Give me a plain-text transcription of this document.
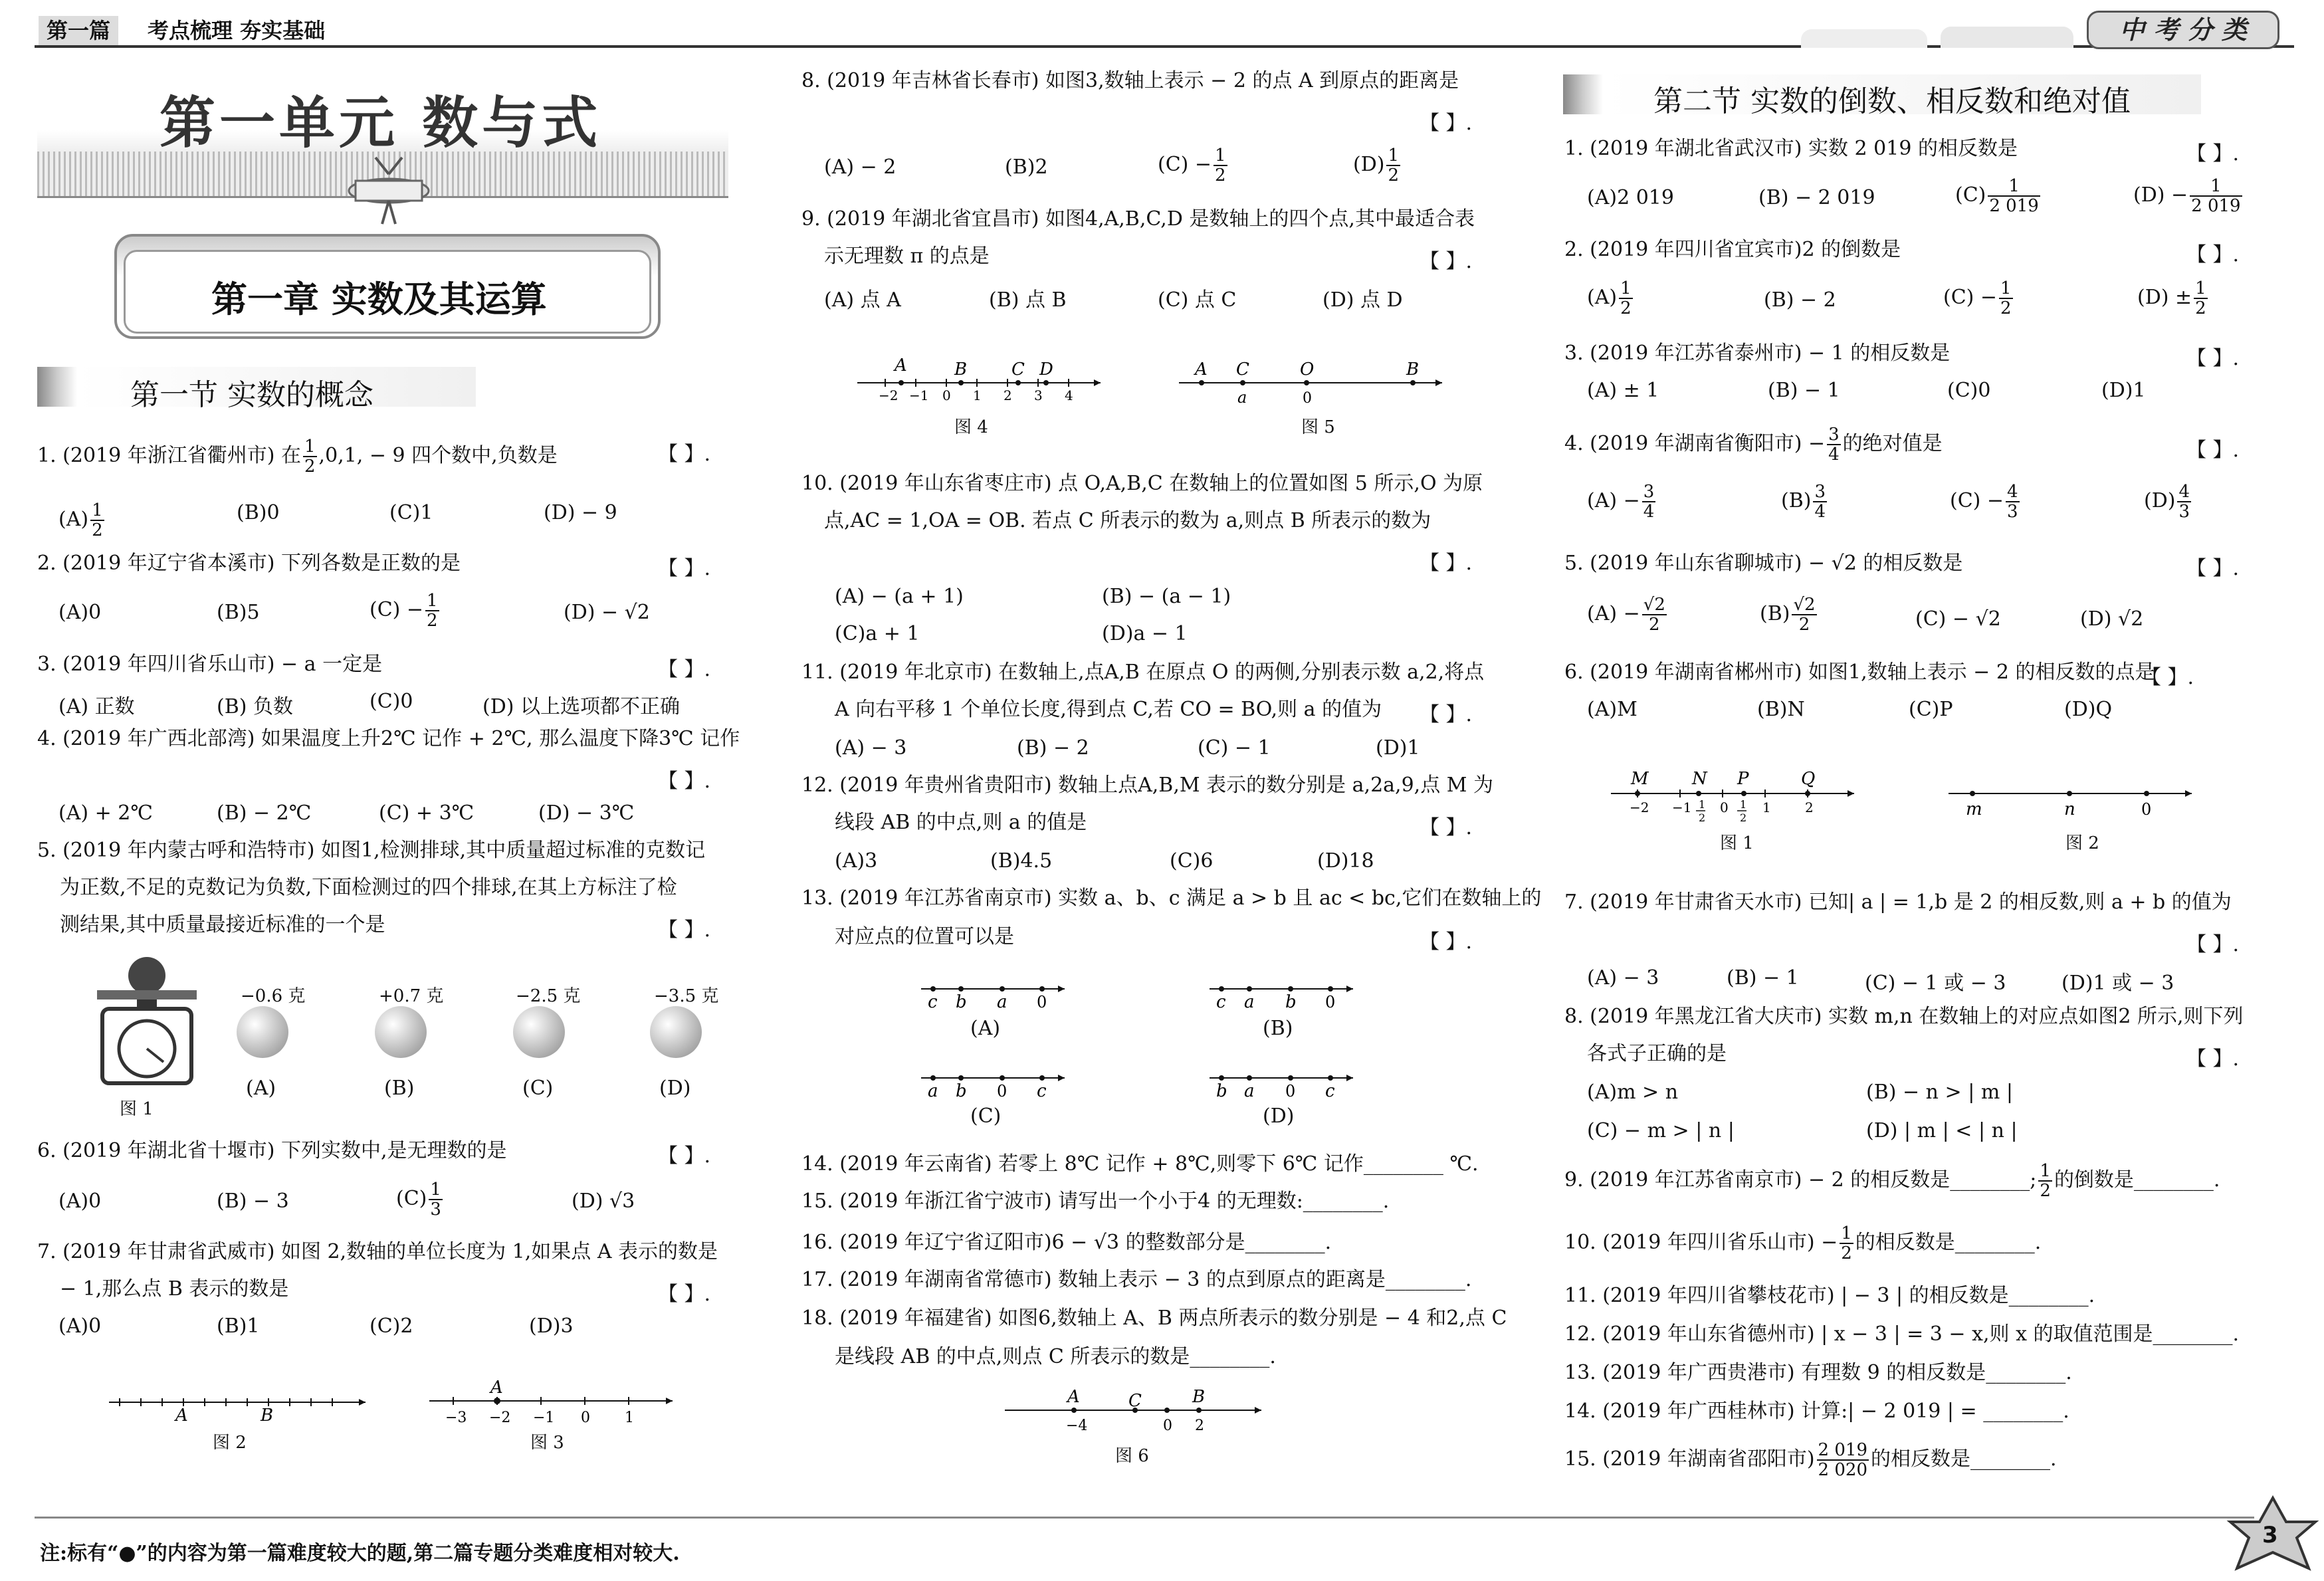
第一篇	考点梳理 夯实基础	中 考 分 类
第一单元 数与式
第一章 实数及其运算
第一节 实数的概念
1. (2019 年浙江省衢州市) 在 $\frac{1}{2} ,0,1$, − 9 四个数中,负数是	【 】.
$(A) \frac{1}{2}$	(B)0	(C)1	(D) − 9
2. (2019 年辽宁省本溪市) 下列各数是正数的是	【 】.
(A)0	(B)5	$(C) - \frac{1}{2}$	(D) − √2
3. (2019 年四川省乐山市) − a 一定是	【 】.
(A) 正数	(B) 负数	(C)0	(D) 以上选项都不正确
4. (2019 年广西北部湾) 如果温度上升2℃ 记作 + 2℃, 那么温度下降3℃ 记作
【 】.
(A) + 2℃	(B) − 2℃	(C) + 3℃	(D) − 3℃
5. (2019 年内蒙古呼和浩特市) 如图1,检测排球,其中质量超过标准的克数记
为正数,不足的克数记为负数,下面检测过的四个排球,在其上方标注了检
测结果,其中质量最接近标准的一个是	【 】.
图 1
−0.6 克
(A)
+0.7 克
(B)
−2.5 克
(C)
−3.5 克
(D)
6. (2019 年湖北省十堰市) 下列实数中,是无理数的是	【 】.
(A)0	(B) − 3	$(C) \frac{1}{3}$	(D) √3
7. (2019 年甘肃省武威市) 如图 2,数轴的单位长度为 1,如果点 A 表示的数是
− 1,那么点 B 表示的数是	【 】.
(A)0	(B)1	(C)2	(D)3
A	B
图 2
A
−3 −2 −1 0 1
图 3
8. (2019 年吉林省长春市) 如图3,数轴上表示 − 2 的点 A 到原点的距离是
【 】.
(A) − 2	(B)2	$(C) - \frac{1}{2}$	$(D) \frac{1}{2}$
9. (2019 年湖北省宜昌市) 如图4,A,B,C,D 是数轴上的四个点,其中最适合表
示无理数 π 的点是	【 】.
(A) 点 A	(B) 点 B	(C) 点 C	(D) 点 D
A	B	C D
−2 −1 0 1 2 3 4
图 4
A C	O	B
a	0
图 5
10. (2019 年山东省枣庄市) 点 O,A,B,C 在数轴上的位置如图 5 所示,O 为原
点,AC = 1,OA = OB. 若点 C 所表示的数为 a,则点 B 所表示的数为
【 】.
(A) − (a + 1)	(B) − (a − 1)
(C)a + 1	(D)a − 1
11. (2019 年北京市) 在数轴上,点A,B 在原点 O 的两侧,分别表示数 a,2,将点
A 向右平移 1 个单位长度,得到点 C,若 CO = BO,则 a 的值为 【 】.
(A) − 3	(B) − 2	(C) − 1	(D)1
12. (2019 年贵州省贵阳市) 数轴上点A,B,M 表示的数分别是 a,2a,9,点 M 为
线段 AB 的中点,则 a 的值是	【 】.
(A)3	(B)4.5	(C)6	(D)18
13. (2019 年江苏省南京市) 实数 a、b、c 满足 a > b 且 ac < bc,它们在数轴上的
对应点的位置可以是	【 】.
c b a 0
(A)
c a b 0
(B)
a b 0 c
(C)
b a 0 c
(D)
14. (2019 年云南省) 若零上 8℃ 记作 + 8℃,则零下 6℃ 记作________ ℃.
15. (2019 年浙江省宁波市) 请写出一个小于4 的无理数:________.
16. (2019 年辽宁省辽阳市)6 − √3 的整数部分是________.
17. (2019 年湖南省常德市) 数轴上表示 − 3 的点到原点的距离是________.
18. (2019 年福建省) 如图6,数轴上 A、B 两点所表示的数分别是 − 4 和2,点 C
是线段 AB 的中点,则点 C 所表示的数是________.
A	C	B
−4	0 2
图 6
第二节 实数的倒数、相反数和绝对值
1. (2019 年湖北省武汉市) 实数 2 019 的相反数是	【 】.
(A)2 019	(B) − 2 019	$(C) \frac{1}{2 019}$	$(D) - \frac{1}{2 019}$
2. (2019 年四川省宜宾市)2 的倒数是	【 】.
$(A) \frac{1}{2}$	(B) − 2	$(C) - \frac{1}{2}$	$(D) \pm \frac{1}{2}$
3. (2019 年江苏省泰州市) − 1 的相反数是	【 】.
(A) ± 1	(B) − 1	(C)0	(D)1
4. (2019 年湖南省衡阳市) − $\frac{3}{4}$ 的绝对值是	【 】.
$(A) - \frac{3}{4}$	$(B) \frac{3}{4}$	$(C) - \frac{4}{3}$	$(D) \frac{4}{3}$
5. (2019 年山东省聊城市) − √2 的相反数是	【 】.
$(A) - \frac{√2}{2}$	$(B) \frac{√2}{2}$	(C) − √2	(D) √2
6. (2019 年湖南省郴州市) 如图1,数轴上表示 − 2 的相反数的点是
【 】.
(A)M	(B)N	(C)P	(D)Q
M	N P	Q
−2 −1 0	1	2
1
2
1
2
图 1
m	n	0
图 2
7. (2019 年甘肃省天水市) 已知| a | = 1,b 是 2 的相反数,则 a + b 的值为
【 】.
(A) − 3	(B) − 1	(C) − 1 或 − 3	(D)1 或 − 3
8. (2019 年黑龙江省大庆市) 实数 m,n 在数轴上的对应点如图2 所示,则下列
各式子正确的是	【 】.
(A)m > n	(B) − n > | m |
(C) − m > | n |	(D) | m | < | n |
9. (2019 年江苏省南京市) − 2 的相反数是________; $\frac{1}{2}$ 的倒数是________.
10. (2019 年四川省乐山市) − $\frac{1}{2}$ 的相反数是________.
11. (2019 年四川省攀枝花市) | − 3 | 的相反数是________.
12. (2019 年山东省德州市) | x − 3 | = 3 − x,则 x 的取值范围是________.
13. (2019 年广西贵港市) 有理数 9 的相反数是________.
14. (2019 年广西桂林市) 计算:| − 2 019 | = ________.
15. (2019 年湖南省邵阳市) $\frac{2 019}{2 020}$ 的相反数是________.
注:标有“●”的内容为第一篇难度较大的题,第二篇专题分类难度相对较大.
3
